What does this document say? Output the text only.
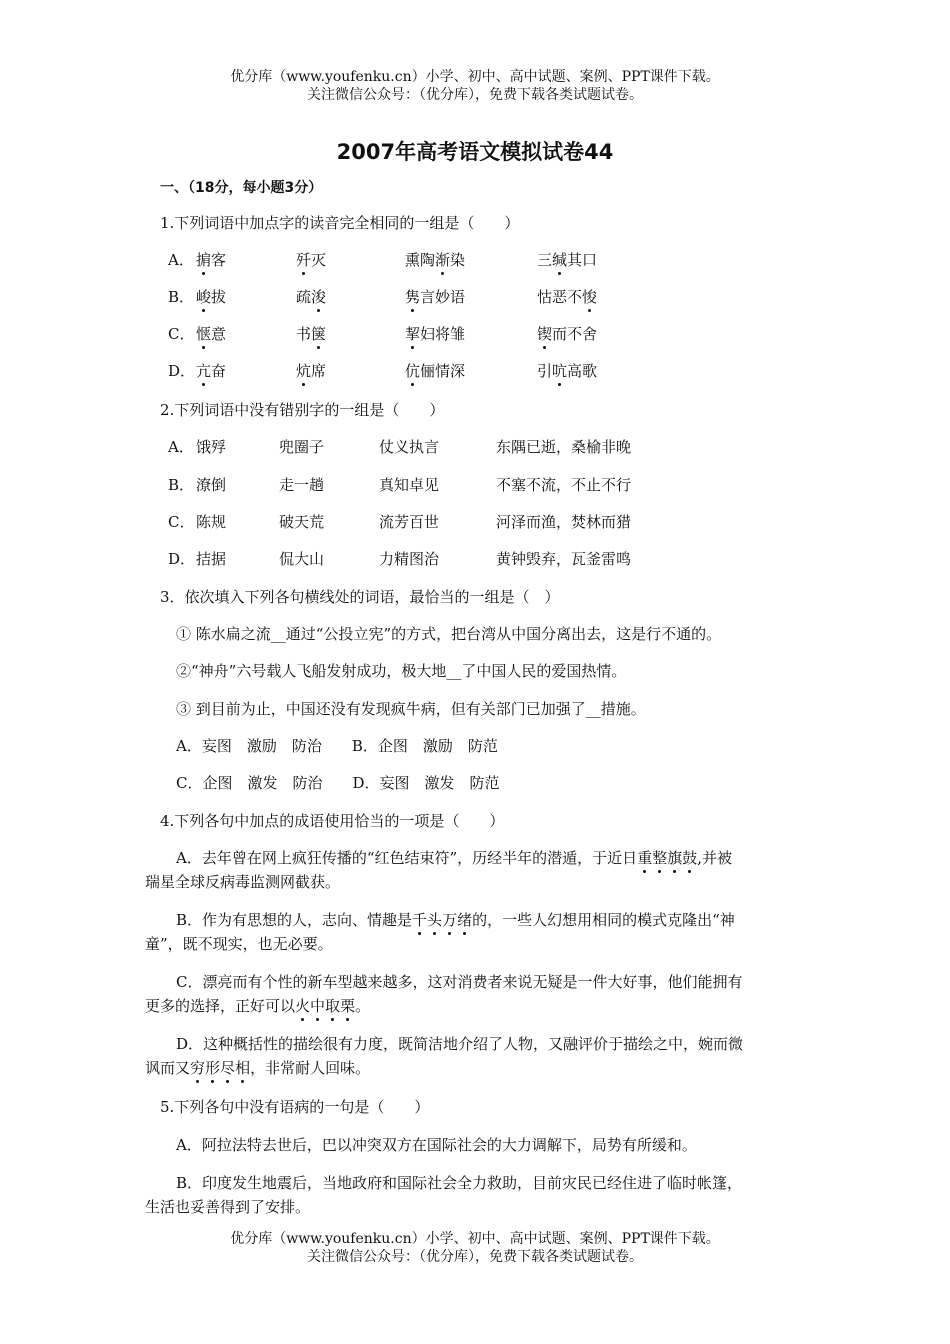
优分库（www.youfenku.cn）小学、初中、高中试题、案例、PPT课件下载。
关注微信公众号：（优分库），免费下载各类试题试卷。
2007年高考语文模拟试卷44
一、（18分，每小题3分）
1.下列词语中加点字的读音完全相同的一组是（　　）
A． 掮客	歼灭	熏陶渐染	三缄其口
B． 峻拔	疏浚	隽言妙语	怙恶不悛
C． 惬意	书箧	挈妇将雏	锲而不舍
D． 亢奋	炕席	伉俪情深	引吭高歌
2.下列词语中没有错别字的一组是（　　）
A． 饿殍	兜圈子	仗义执言	东隅已逝，桑榆非晚
B． 潦倒	走一趟	真知卓见	不塞不流，不止不行
C． 陈规	破天荒	流芳百世	河泽而渔，焚林而猎
D． 拮据	侃大山	力精图治	黄钟毁弃，瓦釜雷鸣
3．依次填入下列各句横线处的词语，最恰当的一组是（　）
① 陈水扁之流__通过“公投立宪”的方式，把台湾从中国分离出去，这是行不通的。
②“神舟”六号载人飞船发射成功，极大地__了中国人民的爱国热情。
③ 到目前为止，中国还没有发现疯牛病，但有关部门已加强了__措施。
A．妄图　激励　防治　　B．企图　激励　防范
C．企图　激发　防治　　D．妄图　激发　防范
4.下列各句中加点的成语使用恰当的一项是（　　）
A．去年曾在网上疯狂传播的“红色结束符”，历经半年的潜遁，于近日重整旗鼓,并被
瑞星全球反病毒监测网截获。
B．作为有思想的人，志向、情趣是千头万绪的，一些人幻想用相同的模式克隆出“神
童”，既不现实，也无必要。
C．漂亮而有个性的新车型越来越多，这对消费者来说无疑是一件大好事，他们能拥有
更多的选择，正好可以火中取栗。
D．这种概括性的描绘很有力度，既简洁地介绍了人物，又融评价于描绘之中，婉而微
讽而又穷形尽相，非常耐人回味。
5.下列各句中没有语病的一句是（　　）
A．阿拉法特去世后，巴以冲突双方在国际社会的大力调解下，局势有所缓和。
B．印度发生地震后，当地政府和国际社会全力救助，目前灾民已经住进了临时帐篷，
生活也妥善得到了安排。
优分库（www.youfenku.cn）小学、初中、高中试题、案例、PPT课件下载。
关注微信公众号：（优分库），免费下载各类试题试卷。
